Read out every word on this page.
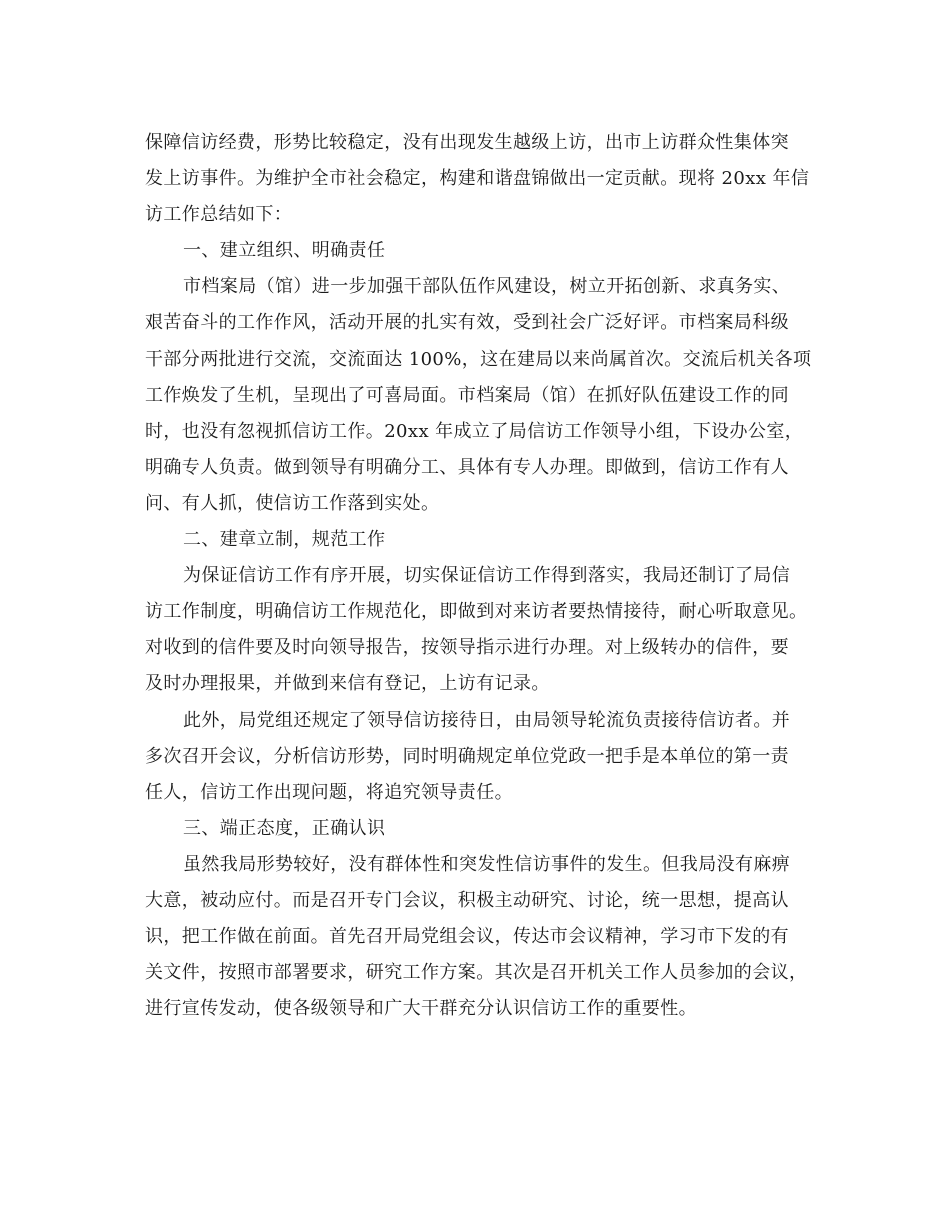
保障信访经费，形势比较稳定，没有出现发生越级上访，出市上访群众性集体突
发上访事件。为维护全市社会稳定，构建和谐盘锦做出一定贡献。现将 20xx 年信
访工作总结如下：
一、建立组织、明确责任
市档案局（馆）进一步加强干部队伍作风建设，树立开拓创新、求真务实、
艰苦奋斗的工作作风，活动开展的扎实有效，受到社会广泛好评。市档案局科级
干部分两批进行交流，交流面达 100%，这在建局以来尚属首次。交流后机关各项
工作焕发了生机，呈现出了可喜局面。市档案局（馆）在抓好队伍建设工作的同
时，也没有忽视抓信访工作。20xx 年成立了局信访工作领导小组，下设办公室，
明确专人负责。做到领导有明确分工、具体有专人办理。即做到，信访工作有人
问、有人抓，使信访工作落到实处。
二、建章立制，规范工作
为保证信访工作有序开展，切实保证信访工作得到落实，我局还制订了局信
访工作制度，明确信访工作规范化，即做到对来访者要热情接待，耐心听取意见。
对收到的信件要及时向领导报告，按领导指示进行办理。对上级转办的信件，要
及时办理报果，并做到来信有登记，上访有记录。
此外，局党组还规定了领导信访接待日，由局领导轮流负责接待信访者。并
多次召开会议，分析信访形势，同时明确规定单位党政一把手是本单位的第一责
任人，信访工作出现问题，将追究领导责任。
三、端正态度，正确认识
虽然我局形势较好，没有群体性和突发性信访事件的发生。但我局没有麻痹
大意，被动应付。而是召开专门会议，积极主动研究、讨论，统一思想，提高认
识，把工作做在前面。首先召开局党组会议，传达市会议精神，学习市下发的有
关文件，按照市部署要求，研究工作方案。其次是召开机关工作人员参加的会议，
进行宣传发动，使各级领导和广大干群充分认识信访工作的重要性。
